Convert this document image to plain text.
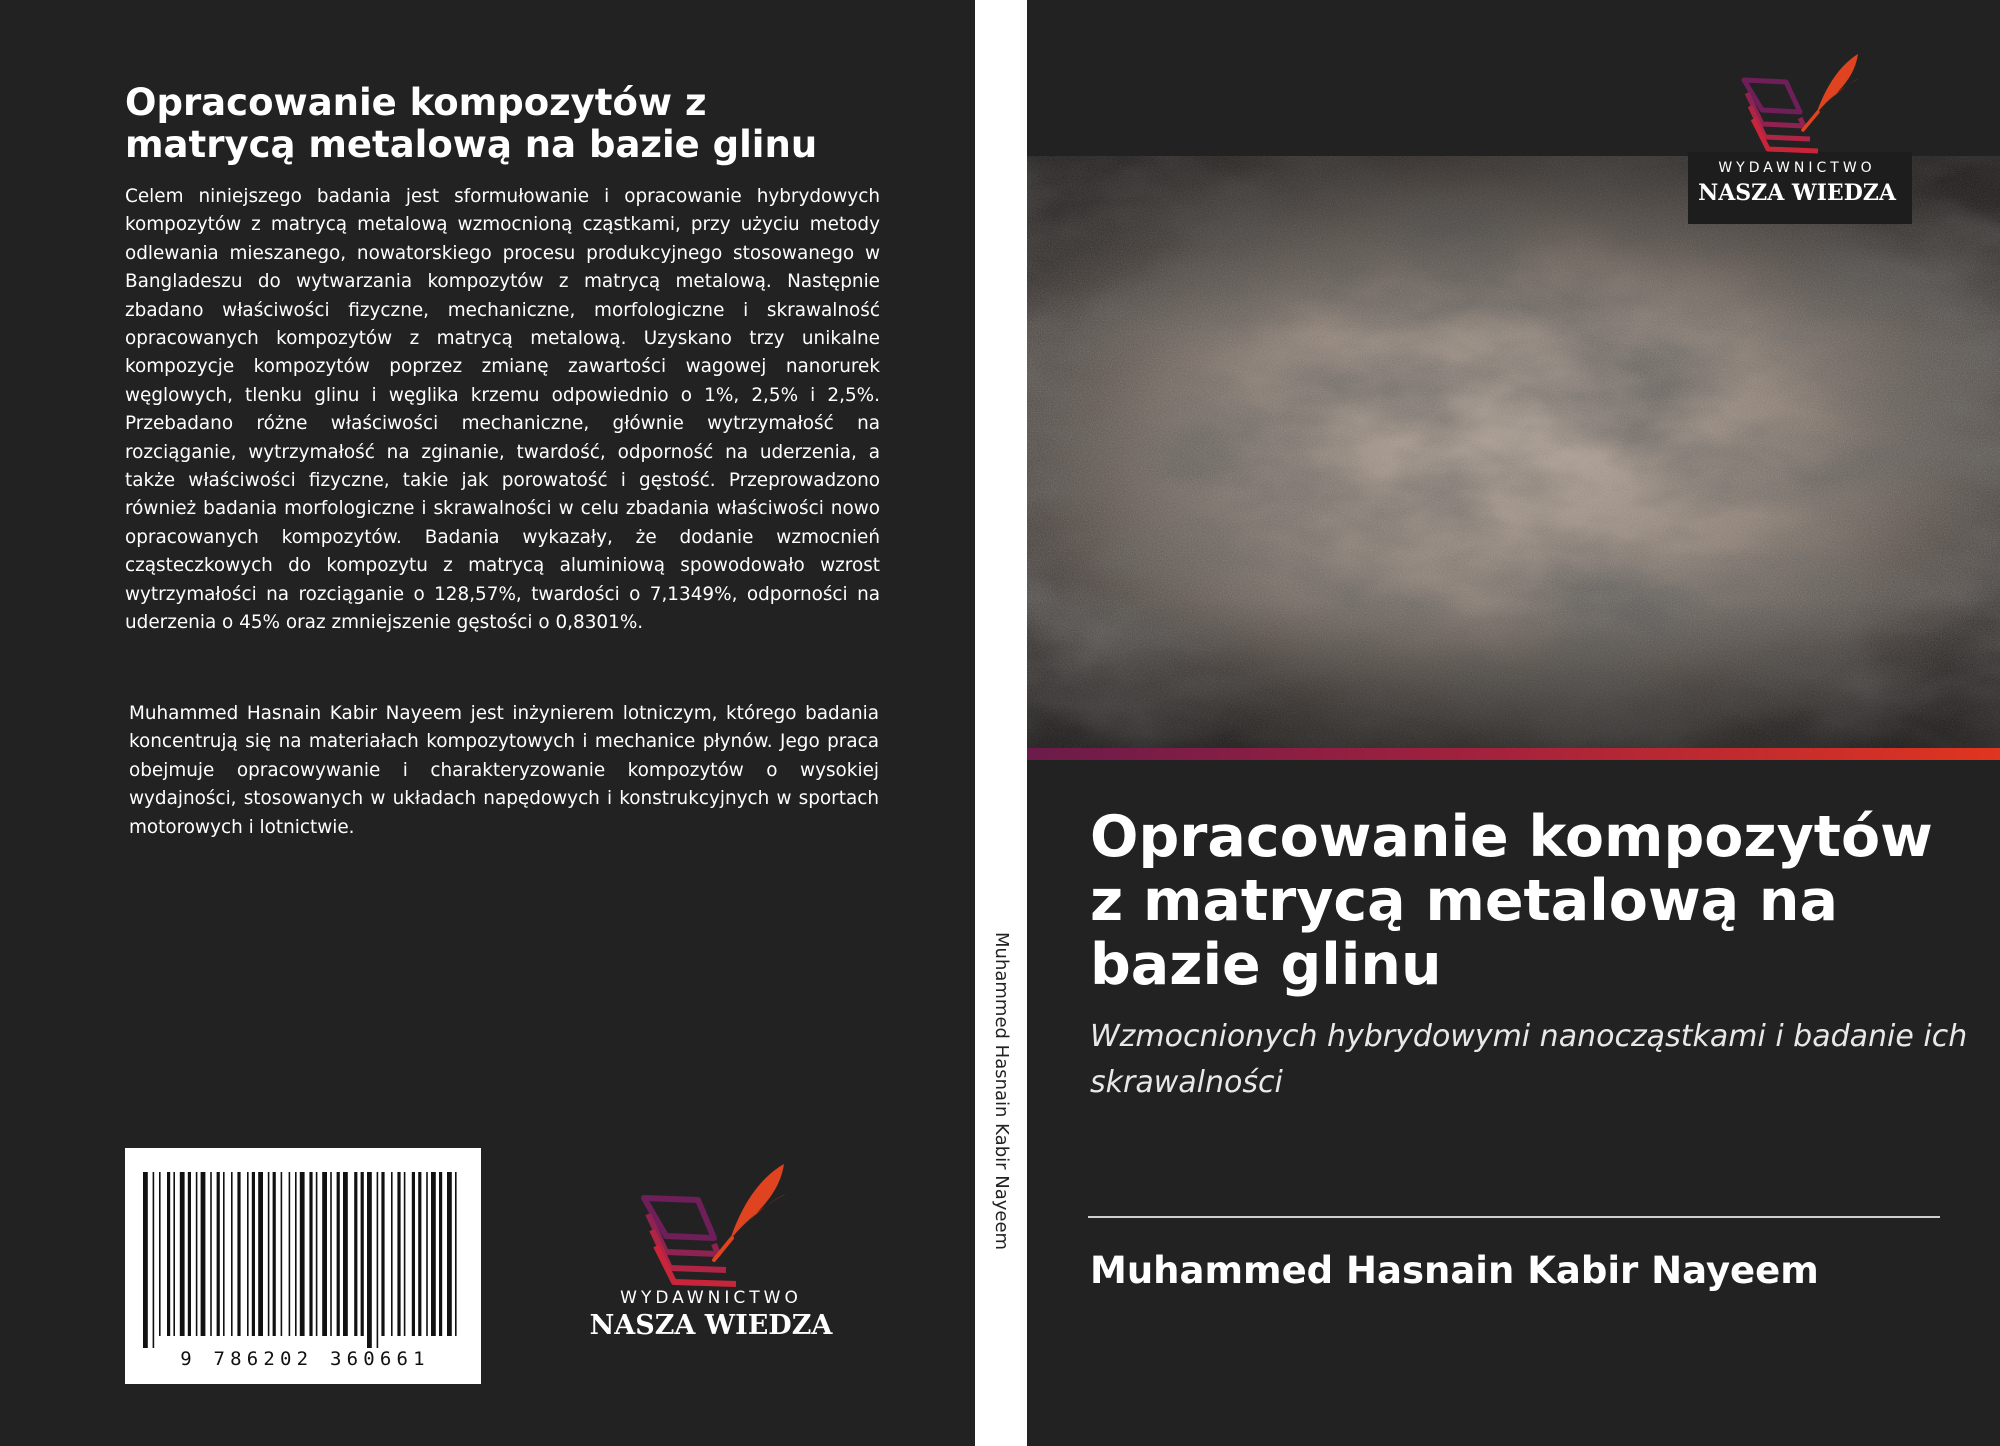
Opracowanie kompozytów z matrycą metalową na bazie glinu
Celem niniejszego badania jest sformułowanie i opracowanie hybrydowych kompozytów z matrycą metalową wzmocnioną cząstkami, przy użyciu metody odlewania mieszanego, nowatorskiego procesu produkcyjnego stosowanego w Bangladeszu do wytwarzania kompozytów z matrycą metalową. Następnie zbadano właściwości fizyczne, mechaniczne, morfologiczne i skrawalność opracowanych kompozytów z matrycą metalową. Uzyskano trzy unikalne kompozycje kompozytów poprzez zmianę zawartości wagowej nanorurek węglowych, tlenku glinu i węglika krzemu odpowiednio o 1%, 2,5% i 2,5%. Przebadano różne właściwości mechaniczne, głównie wytrzymałość na rozciąganie, wytrzymałość na zginanie, twardość, odporność na uderzenia, a także właściwości fizyczne, takie jak porowatość i gęstość. Przeprowadzono również badania morfologiczne i skrawalności w celu zbadania właściwości nowo opracowanych kompozytów. Badania wykazały, że dodanie wzmocnień cząsteczkowych do kompozytu z matrycą aluminiową spowodowało wzrost wytrzymałości na rozciąganie o 128,57%, twardości o 7,1349%, odporności na uderzenia o 45% oraz zmniejszenie gęstości o 0,8301%.
Muhammed Hasnain Kabir Nayeem jest inżynierem lotniczym, którego badania koncentrują się na materiałach kompozytowych i mechanice płynów. Jego praca obejmuje opracowywanie i charakteryzowanie kompozytów o wysokiej wydajności, stosowanych w układach napędowych i konstrukcyjnych w sportach motorowych i lotnictwie.
9 786202 360661
WYDAWNICTWO
NASZA WIEDZA
Muhammed Hasnain Kabir Nayeem
WYDAWNICTWO
NASZA WIEDZA
Opracowanie kompozytów z matrycą metalową na bazie glinu
Wzmocnionych hybrydowymi nanocząstkami i badanie ich skrawalności
Muhammed Hasnain Kabir Nayeem
